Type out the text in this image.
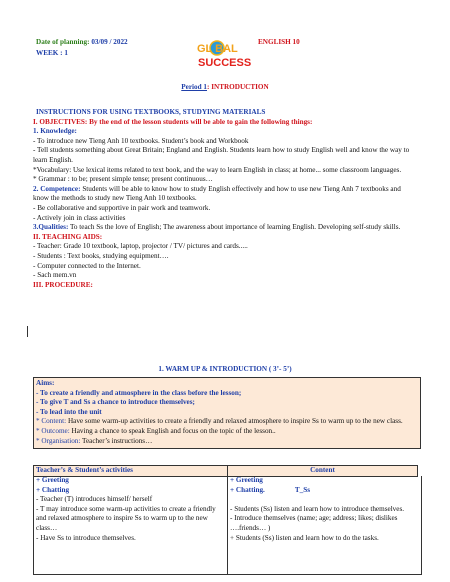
Date of planning: 03/09 / 2022
WEEK : 1
ENGLISH 10
GL BAL
SUCCESS
Period 1: INTRODUCTION
INSTRUCTIONS FOR USING TEXTBOOKS, STUDYING MATERIALS
I. OBJECTIVES: By the end of the lesson students will be able to gain the following things:
1. Knowledge:
- To introduce new Tieng Anh 10 textbooks. Student’s book and Workbook
- Tell students something about Great Britain; England and English. Students learn how to study English well and know the way to learn English.
*Vocabulary: Use lexical items related to text book, and the way to learn English in class; at home... some classroom languages.
* Grammar : to be; present simple tense; present continuous…
2. Competence: Students will be able to know how to study English effectively and how to use new Tieng Anh 7 textbooks and know the methods to study new Tieng Anh 10 textbooks.
- Be collaborative and supportive in pair work and teamwork.
- Actively join in class activities
3.Qualities: To teach Ss the love of English; The awareness about importance of learning English. Developing self-study skills.
II. TEACHING AIDS:
- Teacher: Grade 10 textbook, laptop, projector / TV/ pictures and cards.....
- Students : Text books, studying equipment….
- Computer connected to the Internet.
- Sach mem.vn
III. PROCEDURE:
1. WARM UP & INTRODUCTION ( 3’- 5’)
Aims:
- To create a friendly and atmosphere in the class before the lesson;
- To give T and Ss a chance to introduce themselves;
- To lead into the unit
* Content: Have some warm-up activities to create a friendly and relaxed atmosphere to inspire Ss to warm up to the new class.
* Outcome: Having a chance to speak English and focus on the topic of the lesson..
* Organisation: Teacher’s instructions…
Teacher’s & Student’s activities	Content
+ Greeting
+ Chatting
- Teacher (T) introduces himself/ herself
- T may introduce some warm-up activities to create a friendly and relaxed atmosphere to inspire Ss to warm up to the new class…
- Have Ss to introduce themselves.
+ Greeting
+ Chatting.	T_Ss
- Students (Ss) listen and learn how to introduce themselves.
- Introduce themselves (name; age; address; likes; dislikes ….friends… )
+ Students (Ss) listen and learn how to do the tasks.
